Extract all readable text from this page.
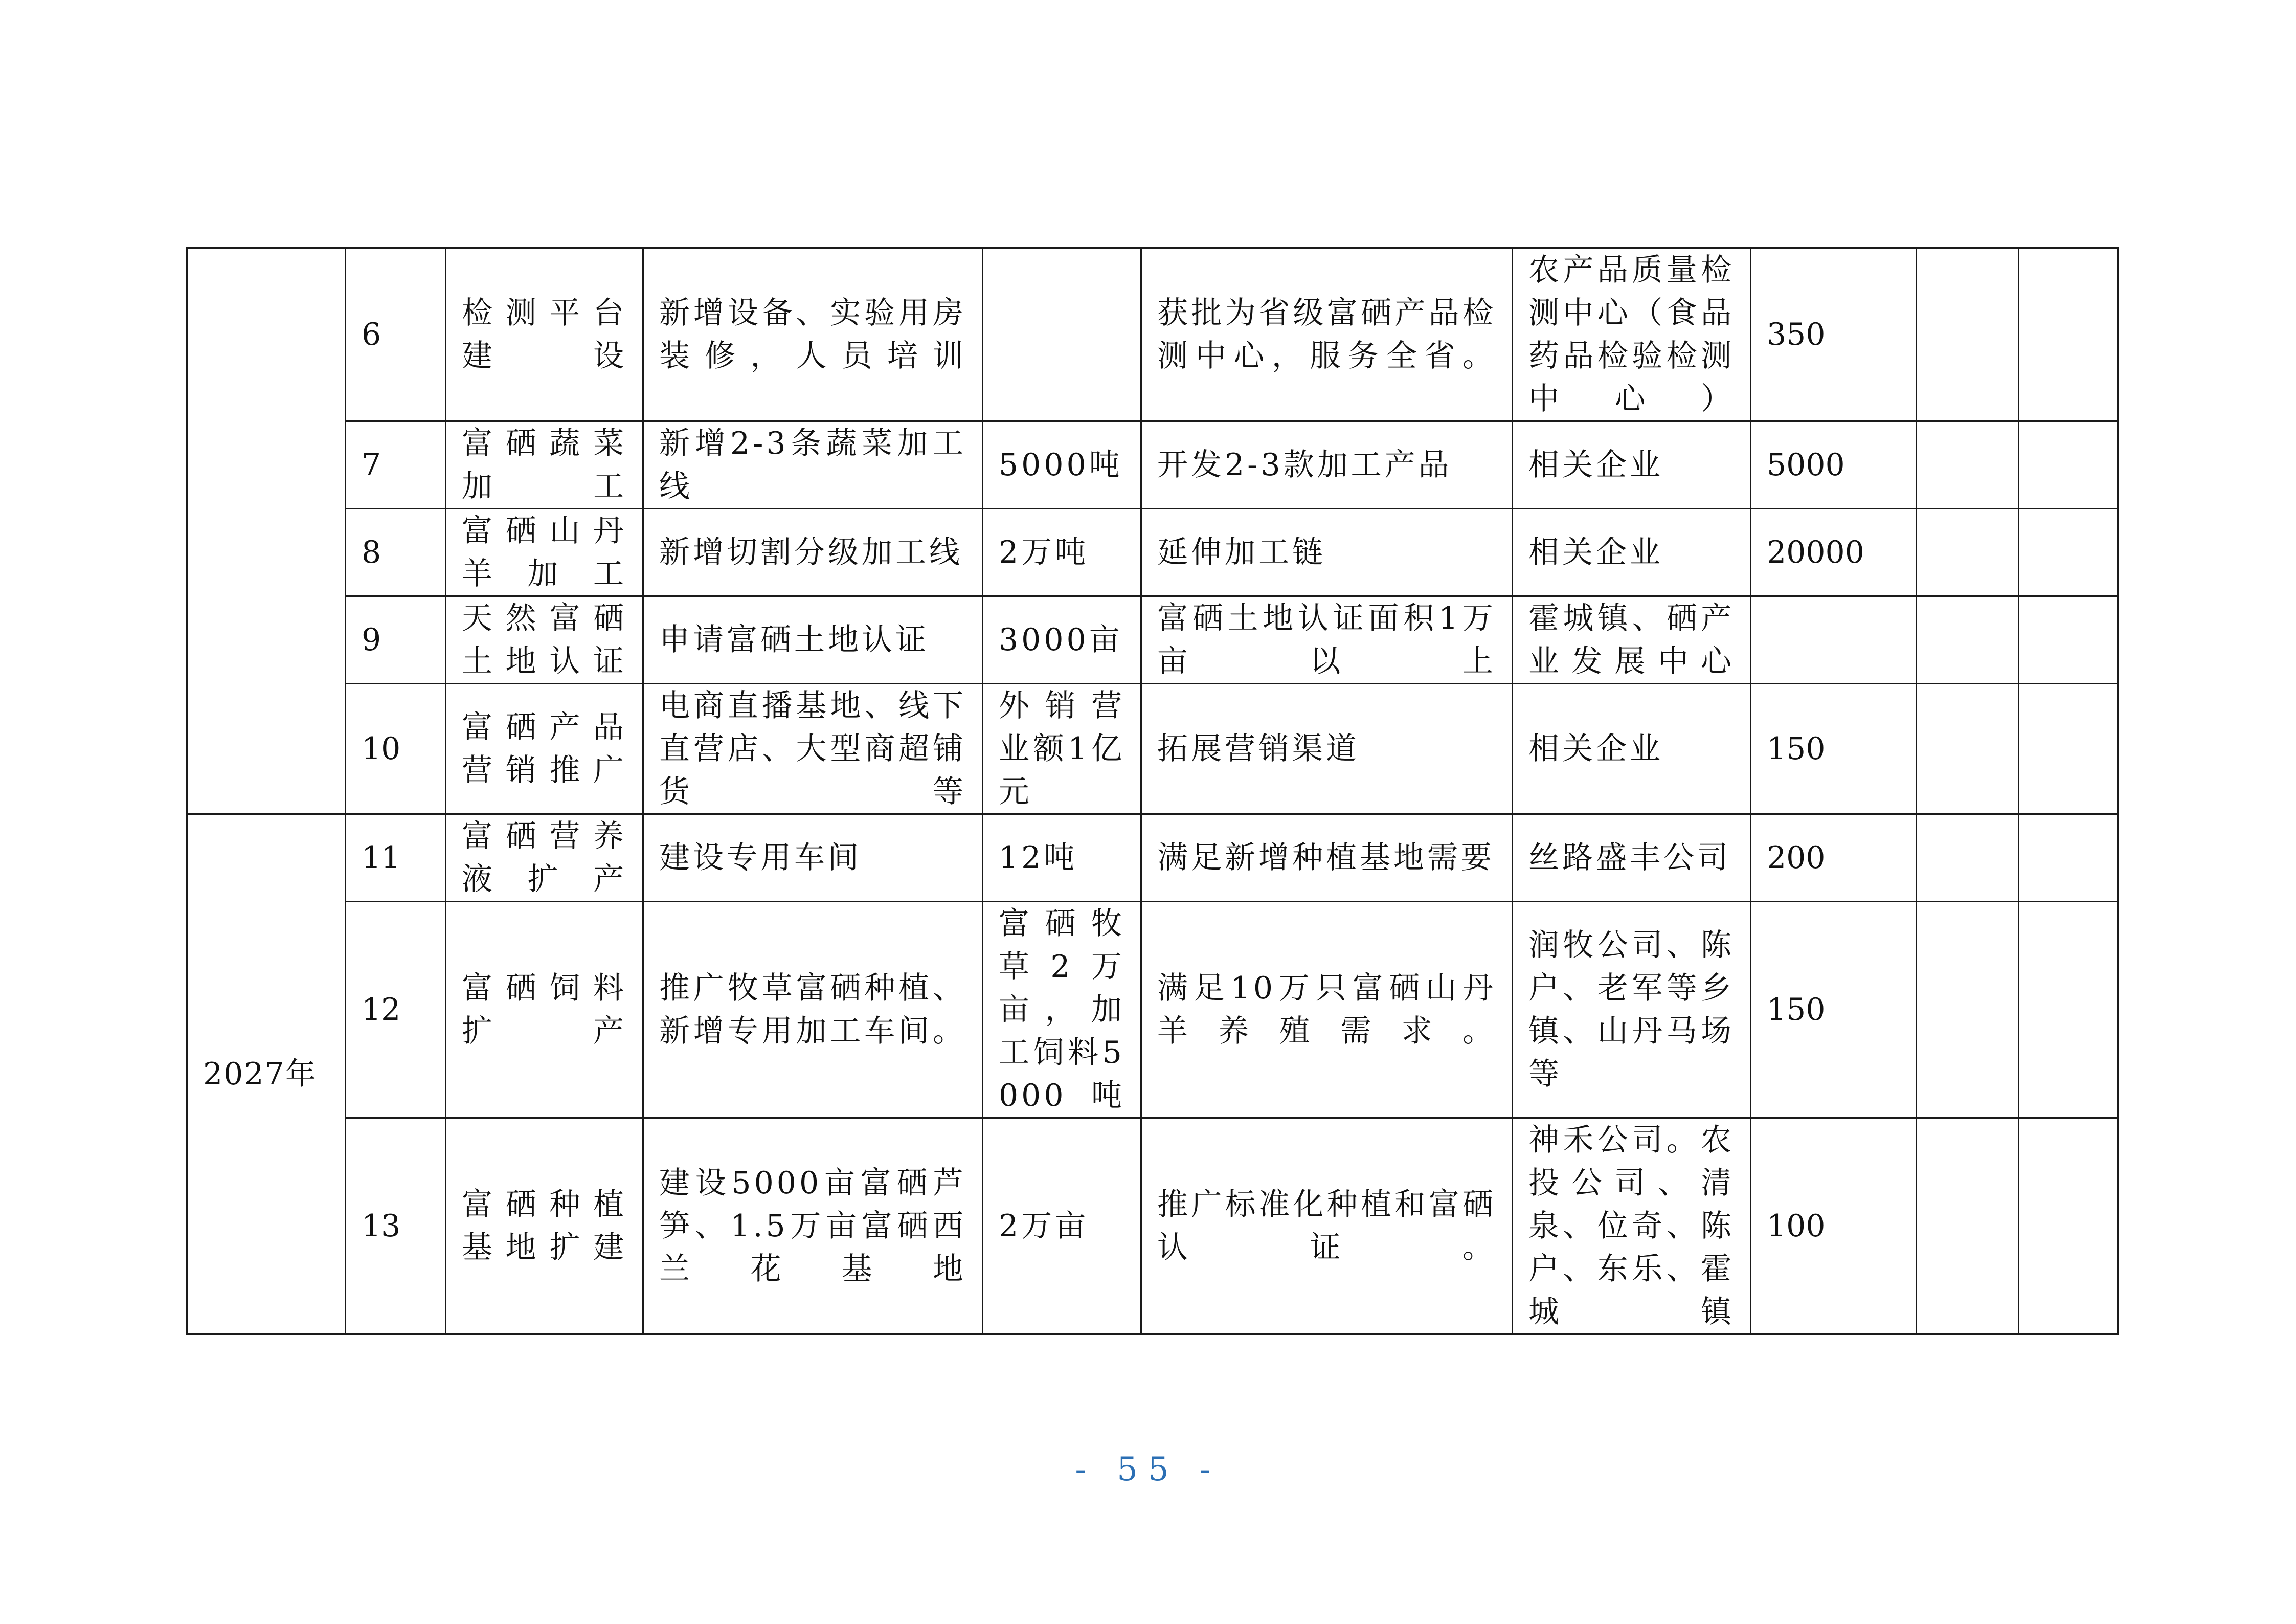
	6	检测平台建设	新增设备、实验用房装修，人员培训		获批为省级富硒产品检测中心，服务全省。	农产品质量检测中心（食品药品检验检测中心）	350		
	7	富硒蔬菜加工	新增2-3条蔬菜加工线	5000吨	开发2-3款加工产品	相关企业	5000		
	8	富硒山丹羊加工	新增切割分级加工线	2万吨	延伸加工链	相关企业	20000		
	9	天然富硒土地认证	申请富硒土地认证	3000亩	富硒土地认证面积1万亩以上	霍城镇、硒产业发展中心			
	10	富硒产品营销推广	电商直播基地、线下直营店、大型商超铺货等	外销营业额1亿元	拓展营销渠道	相关企业	150		
2027年	11	富硒营养液扩产	建设专用车间	12吨	满足新增种植基地需要	丝路盛丰公司	200		
	12	富硒饲料扩产	推广牧草富硒种植、新增专用加工车间。	富硒牧草2万亩，加工饲料5000吨	满足10万只富硒山丹羊养殖需求。	润牧公司、陈户、老军等乡镇、山丹马场等	150		
	13	富硒种植基地扩建	建设5000亩富硒芦笋、1.5万亩富硒西兰花基地	2万亩	推广标准化种植和富硒认证。	神禾公司。农投公司、清泉、位奇、陈户、东乐、霍城镇	100		
- 55 -
